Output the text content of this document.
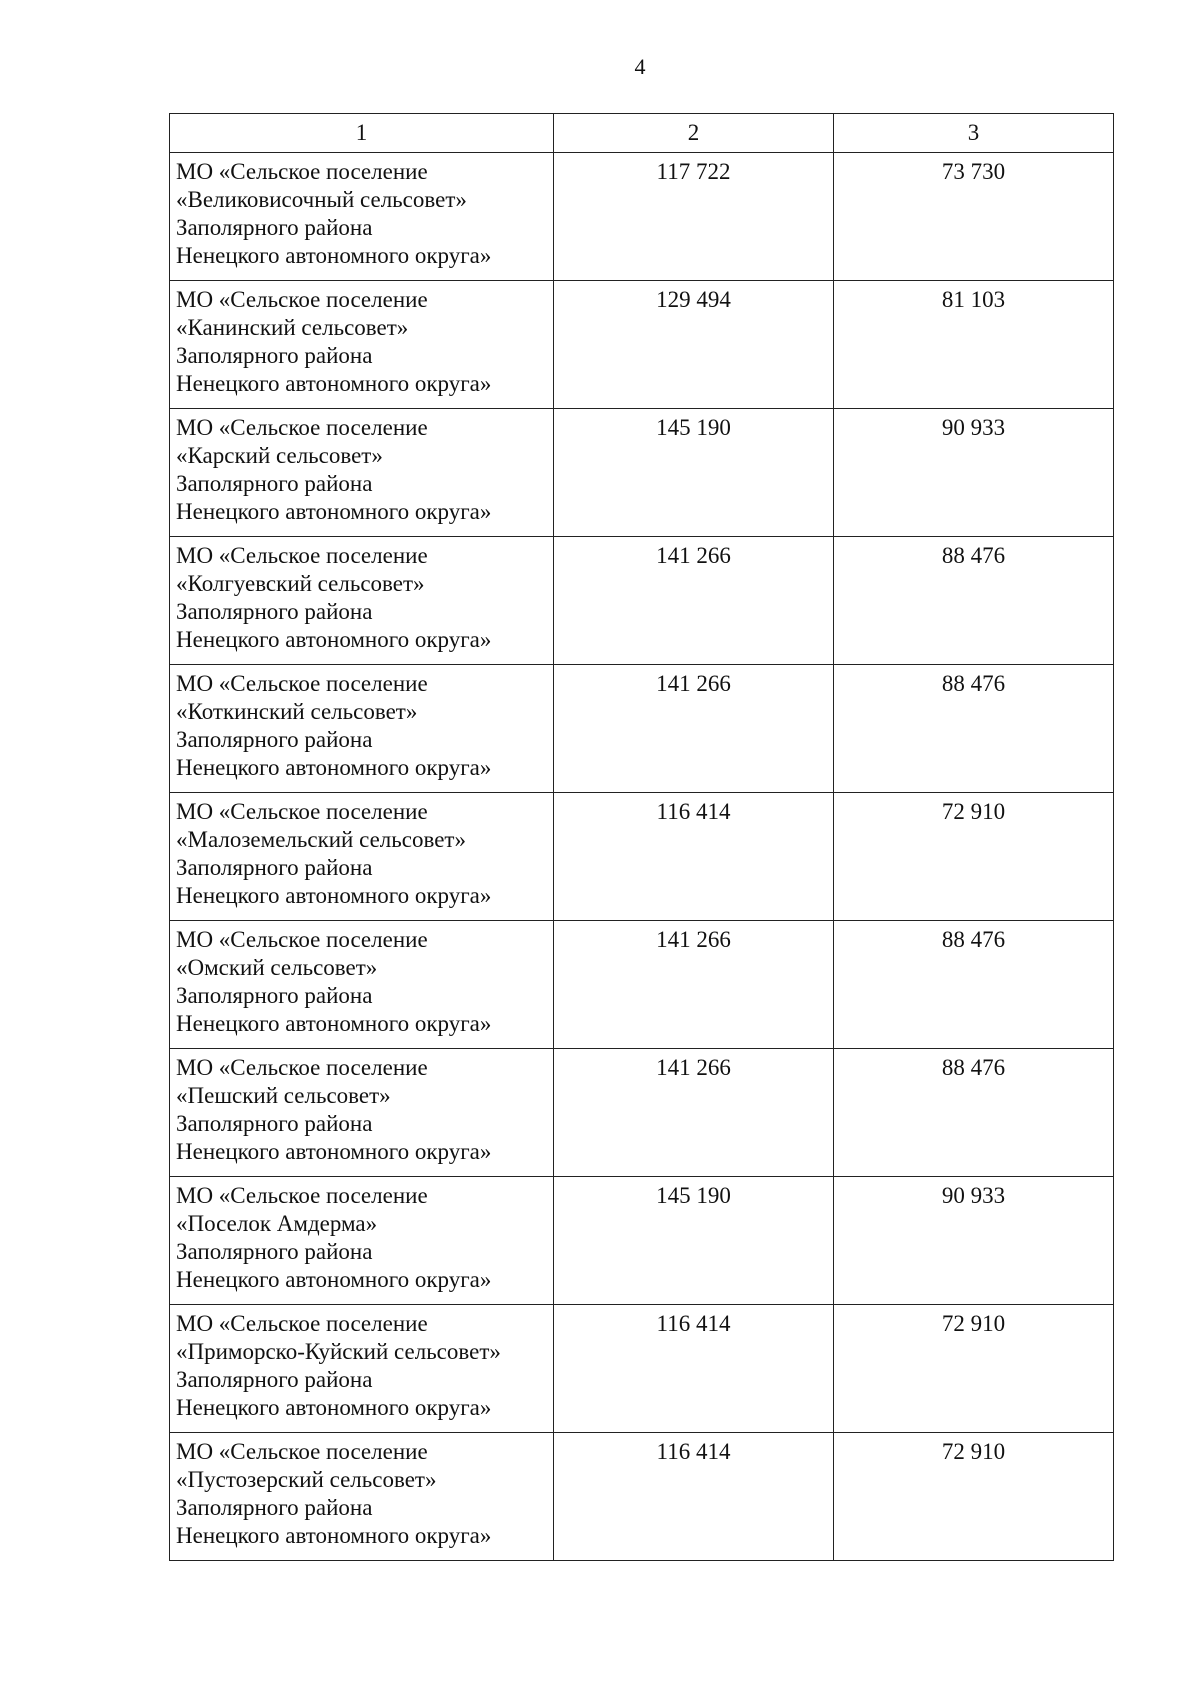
4
1	2	3

МО «Сельское поселение
«Великовисочный сельсовет»
Заполярного района
Ненецкого автономного округа»	117 722	73 730

МО «Сельское поселение
«Канинский сельсовет»
Заполярного района
Ненецкого автономного округа»	129 494	81 103

МО «Сельское поселение
«Карский сельсовет»
Заполярного района
Ненецкого автономного округа»	145 190	90 933

МО «Сельское поселение
«Колгуевский сельсовет»
Заполярного района
Ненецкого автономного округа»	141 266	88 476

МО «Сельское поселение
«Коткинский сельсовет»
Заполярного района
Ненецкого автономного округа»	141 266	88 476

МО «Сельское поселение
«Малоземельский сельсовет»
Заполярного района
Ненецкого автономного округа»	116 414	72 910

МО «Сельское поселение
«Омский сельсовет»
Заполярного района
Ненецкого автономного округа»	141 266	88 476

МО «Сельское поселение
«Пешский сельсовет»
Заполярного района
Ненецкого автономного округа»	141 266	88 476

МО «Сельское поселение
«Поселок Амдерма»
Заполярного района
Ненецкого автономного округа»	145 190	90 933

МО «Сельское поселение
«Приморско-Куйский сельсовет»
Заполярного района
Ненецкого автономного округа»	116 414	72 910

МО «Сельское поселение
«Пустозерский сельсовет»
Заполярного района
Ненецкого автономного округа»	116 414	72 910
